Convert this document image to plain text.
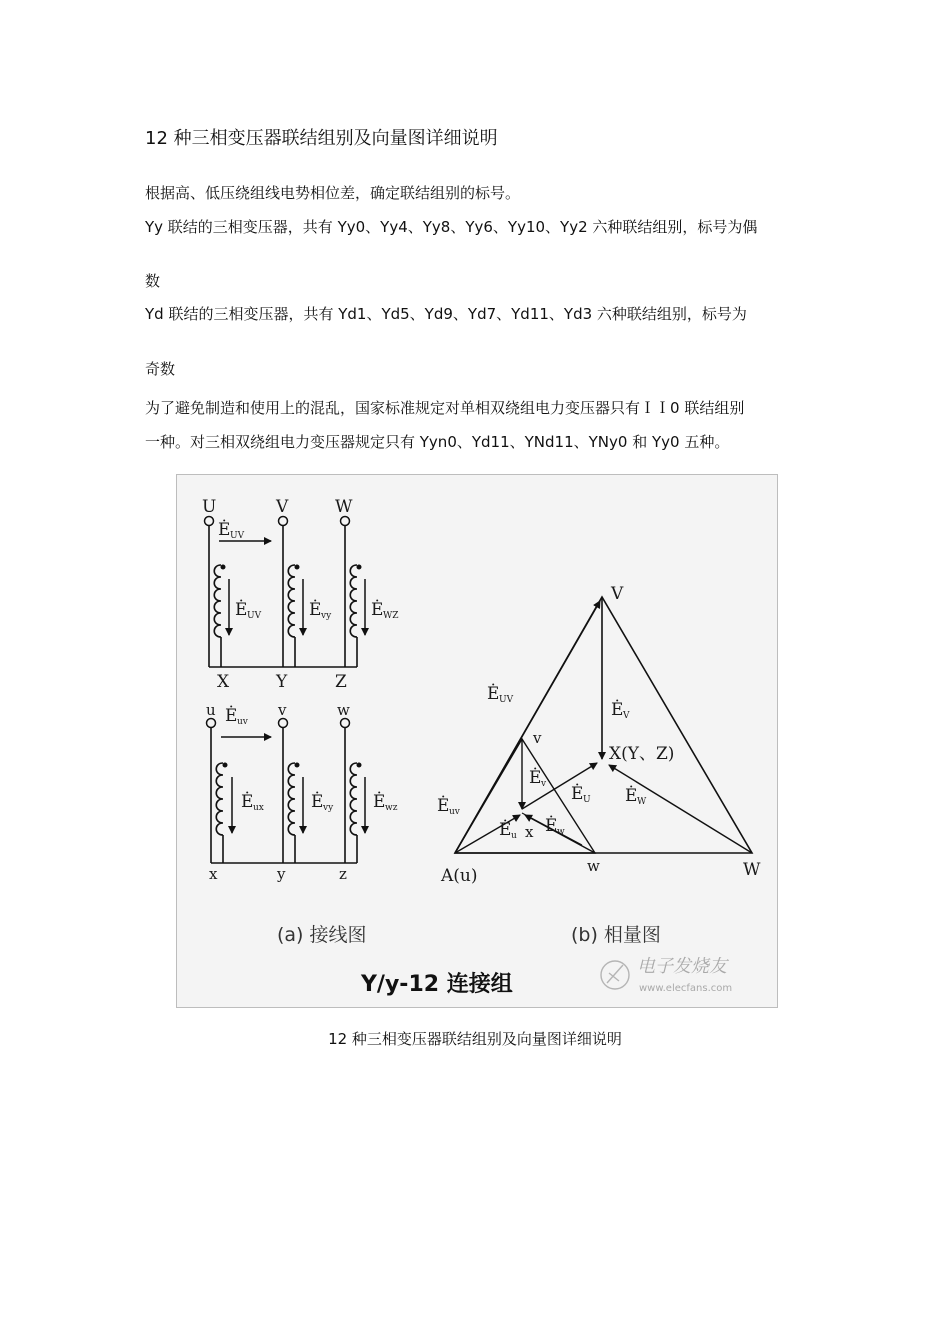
12 种三相变压器联结组别及向量图详细说明
根据高、低压绕组线电势相位差，确定联结组别的标号。
Yy 联结的三相变压器，共有 Yy0、Yy4、Yy8、Yy6、Yy10、Yy2 六种联结组别，标号为偶
数
Yd 联结的三相变压器，共有 Yd1、Yd5、Yd9、Yd7、Yd11、Yd3 六种联结组别，标号为
奇数
为了避免制造和使用上的混乱，国家标准规定对单相双绕组电力变压器只有ＩＩ0 联结组别
一种。对三相双绕组电力变压器规定只有 Yyn0、Yd11、YNd11、YNy0 和 Yy0 五种。
U	V	W
Ė UV
Ė UV	Ė vy Ė WZ
X	Y	Z
u	v	w
Ė uv
Ė ux	Ė vy Ė wz
x	y	z
V
X(Y、Z)
v
x
w	W
A(u)
Ė UV	Ė V
Ė v Ė U Ė W
Ė uv
Ė u Ė w
(a) 接线图	(b) 相量图
Y/y-12 连接组
电子发烧友
www.elecfans.com
12 种三相变压器联结组别及向量图详细说明
